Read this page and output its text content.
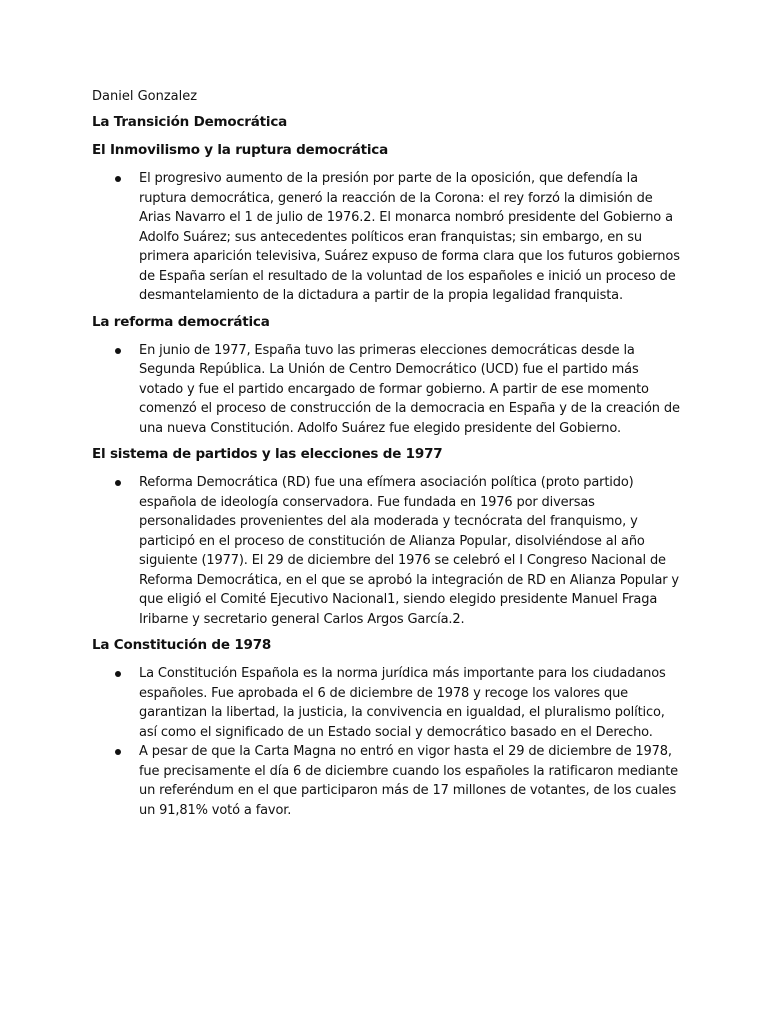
Daniel Gonzalez

La Transición Democrática

El Inmovilismo y la ruptura democrática

El progresivo aumento de la presión por parte de la oposición, que defendía la ruptura democrática, generó la reacción de la Corona: el rey forzó la dimisión de Arias Navarro el 1 de julio de 1976.2. El monarca nombró presidente del Gobierno a Adolfo Suárez; sus antecedentes políticos eran franquistas; sin embargo, en su primera aparición televisiva, Suárez expuso de forma clara que los futuros gobiernos de España serían el resultado de la voluntad de los españoles e inició un proceso de desmantelamiento de la dictadura a partir de la propia legalidad franquista.

La reforma democrática

En junio de 1977, España tuvo las primeras elecciones democráticas desde la Segunda República. La Unión de Centro Democrático (UCD) fue el partido más votado y fue el partido encargado de formar gobierno. A partir de ese momento comenzó el proceso de construcción de la democracia en España y de la creación de una nueva Constitución. Adolfo Suárez fue elegido presidente del Gobierno.

El sistema de partidos y las elecciones de 1977

Reforma Democrática (RD) fue una efímera asociación política (proto partido) española de ideología conservadora. Fue fundada en 1976 por diversas personalidades provenientes del ala moderada y tecnócrata del franquismo, y participó en el proceso de constitución de Alianza Popular, disolviéndose al año siguiente (1977). El 29 de diciembre del 1976 se celebró el I Congreso Nacional de Reforma Democrática, en el que se aprobó la integración de RD en Alianza Popular y que eligió el Comité Ejecutivo Nacional1, siendo elegido presidente Manuel Fraga Iribarne y secretario general Carlos Argos García.2.

La Constitución de 1978

La Constitución Española es la norma jurídica más importante para los ciudadanos españoles. Fue aprobada el 6 de diciembre de 1978 y recoge los valores que garantizan la libertad, la justicia, la convivencia en igualdad, el pluralismo político, así como el significado de un Estado social y democrático basado en el Derecho.
A pesar de que la Carta Magna no entró en vigor hasta el 29 de diciembre de 1978, fue precisamente el día 6 de diciembre cuando los españoles la ratificaron mediante un referéndum en el que participaron más de 17 millones de votantes, de los cuales un 91,81% votó a favor.
